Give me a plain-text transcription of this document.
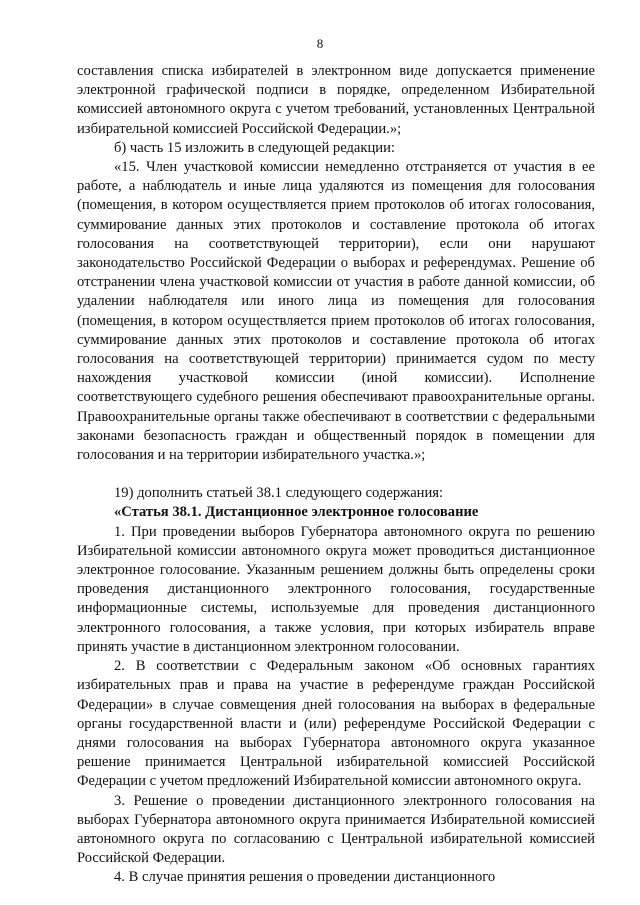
8

составления списка избирателей в электронном виде допускается применение электронной графической подписи в порядке, определенном Избирательной комиссией автономного округа с учетом требований, установленных Центральной избирательной комиссией Российской Федерации.»;

б) часть 15 изложить в следующей редакции:

«15. Член участковой комиссии немедленно отстраняется от участия в ее работе, а наблюдатель и иные лица удаляются из помещения для голосования (помещения, в котором осуществляется прием протоколов об итогах голосования, суммирование данных этих протоколов и составление протокола об итогах голосования на соответствующей территории), если они нарушают законодательство Российской Федерации о выборах и референдумах. Решение об отстранении члена участковой комиссии от участия в работе данной комиссии, об удалении наблюдателя или иного лица из помещения для голосования (помещения, в котором осуществляется прием протоколов об итогах голосования, суммирование данных этих протоколов и составление протокола об итогах голосования на соответствующей территории) принимается судом по месту нахождения участковой комиссии (иной комиссии). Исполнение соответствующего судебного решения обеспечивают правоохранительные органы. Правоохранительные органы также обеспечивают в соответствии с федеральными законами безопасность граждан и общественный порядок в помещении для голосования и на территории избирательного участка.»;

19) дополнить статьей 38.1 следующего содержания:

«Статья 38.1. Дистанционное электронное голосование

1. При проведении выборов Губернатора автономного округа по решению Избирательной комиссии автономного округа может проводиться дистанционное электронное голосование. Указанным решением должны быть определены сроки проведения дистанционного электронного голосования, государственные информационные системы, используемые для проведения дистанционного электронного голосования, а также условия, при которых избиратель вправе принять участие в дистанционном электронном голосовании.

2. В соответствии с Федеральным законом «Об основных гарантиях избирательных прав и права на участие в референдуме граждан Российской Федерации» в случае совмещения дней голосования на выборах в федеральные органы государственной власти и (или) референдуме Российской Федерации с днями голосования на выборах Губернатора автономного округа указанное решение принимается Центральной избирательной комиссией Российской Федерации с учетом предложений Избирательной комиссии автономного округа.

3. Решение о проведении дистанционного электронного голосования на выборах Губернатора автономного округа принимается Избирательной комиссией автономного округа по согласованию с Центральной избирательной комиссией Российской Федерации.

4. В случае принятия решения о проведении дистанционного
